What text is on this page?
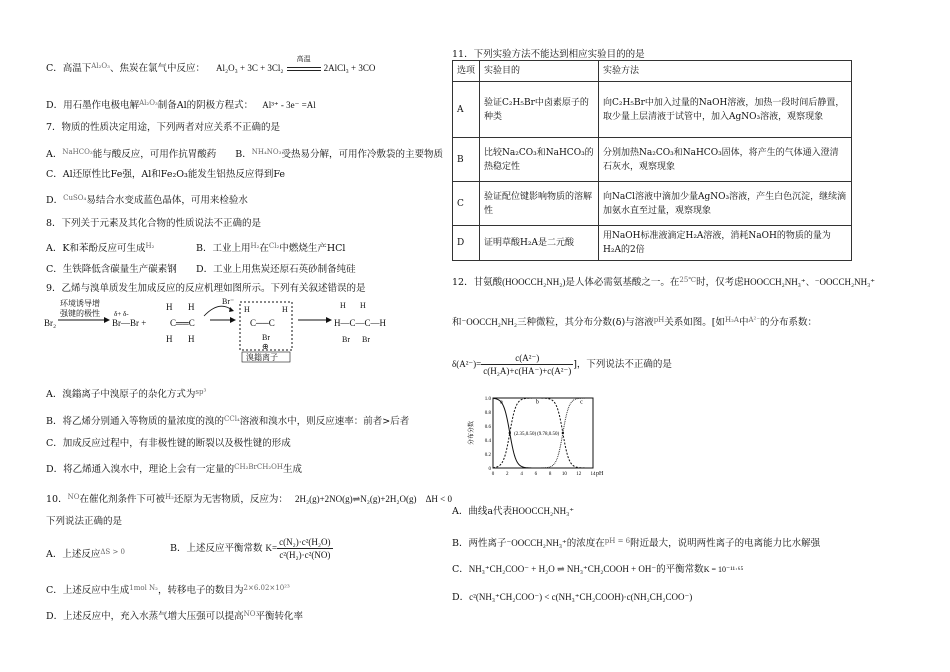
C．高温下$^{Al_2O_3}$、焦炭在氯气中反应： Al₂O₃ + 3C + 3Cl₂
高温
2AlCl₃ + 3CO
D．用石墨作电极电解$^{Al_2O_3}$制备Al的阴极方程式： Al³⁺ - 3e⁻ =Al
7．物质的性质决定用途，下列两者对应关系不正确的是
A．$^{NaHCO_3}$能与酸反应，可用作抗胃酸药 B．$^{NH_4NO_3}$受热易分解，可用作冷敷袋的主要物质
C．Al还原性比Fe强，Al和Fe₂O₃能发生铝热反应得到Fe
D．$^{CuSO_4}$易结合水变成蓝色晶体，可用来检验水
8．下列关于元素及其化合物的性质说法不正确的是
A．K和苯酚反应可生成$^{H_2}$	B．工业上用$^{H_2}$在$^{Cl_2}$中燃烧生产HCl
C．生铁降低含碳量生产碳素钢 D．工业上用焦炭还原石英砂制备纯硅
9．乙烯与溴单质发生加成反应的反应机理如图所示。下列有关叙述错误的是
Br₂
环境诱导增
强键的极性 δ+ δ-
Br—Br +
H H
C══C
H H
Br⁻
H	H
C──C
Br
⊕
溴鎓离子
H H
H—C—C—H
Br Br
A．溴鎓离子中溴原子的杂化方式为$^{sp^3}$
B．将乙烯分别通入等物质的量浓度的溴的$^{CCl_4}$溶液和溴水中，则反应速率：前者>后者
C．加成反应过程中，有非极性键的断裂以及极性键的形成
D．将乙烯通入溴水中，理论上会有一定量的$^{CH_2BrCH_2OH}$生成
10．$^{NO}$在催化剂条件下可被$^{H_2}$还原为无害物质，反应为： 2H₂(g)+2NO(g)⇌N₂(g)+2H₂O(g) ΔH < 0
下列说法正确的是
A．上述反应$^{\Delta S > 0}$	B．上述反应平衡常数 $K= \frac{\text{c(N₂)·c²(H₂O)}}{\text{c²(H₂)·c²(NO)}}$
C．上述反应中生成$^{1mol N_2}$，转移电子的数目为$^{2\times 6.02\times 10^{23}}$
D．上述反应中，充入水蒸气增大压强可以提高$^{NO}$平衡转化率
11．下列实验方法不能达到相应实验目的的是
选项	实验目的	实验方法
A	验证C₂H₅Br中卤素原子的种类	向C₂H₅Br中加入过量的NaOH溶液，加热一段时间后静置，取少量上层清液于试管中，加入AgNO₃溶液，观察现象
B	比较Na₂CO₃和NaHCO₃的热稳定性	分别加热Na₂CO₃和NaHCO₃固体，将产生的气体通入澄清石灰水，观察现象
C	验证配位键影响物质的溶解性	向NaCl溶液中滴加少量AgNO₃溶液，产生白色沉淀，继续滴加氨水直至过量，观察现象
D	证明草酸H₂A是二元酸	用NaOH标准液滴定H₂A溶液，消耗NaOH的物质的量为H₂A的2倍
12．甘氨酸(HOOCCH₂NH₂)是人体必需氨基酸之一。在$^{25℃}$时，仅考虑HOOCCH₂NH₃⁺、⁻OOCCH₂NH₃⁺
和⁻OOCCH₂NH₂三种微粒，其分布分数(δ)与溶液$^{pH}$关系如图。[如$^{H_2A}$中$^{A^{2-}}$的分布系数：
$\delta(A^{2-})= \frac{\text{c(A²⁻)}}{\text{c(H₂A)+c(HA⁻)+c(A²⁻)}}$ ]，下列说法不正确的是
1.0
0.8
0.6
0.4
0.2
0
0 2 4 6 8 10 12 14 pH
分布分数
a	b	c
(2.35,0.50) (9.78,0.50)
A．曲线a代表HOOCCH₂NH₃⁺
B．两性离子⁻OOCCH₂NH₃⁺的浓度在$^{pH = 6}$附近最大，说明两性离子的电离能力比水解强
C．NH₃⁺CH₂COO⁻ + H₂O ⇌ NH₃⁺CH₂COOH + OH⁻的平衡常数K = 10⁻¹¹·⁶⁵
D．c²(NH₃⁺CH₂COO⁻) < c(NH₃⁺CH₂COOH)·c(NH₂CH₂COO⁻)
